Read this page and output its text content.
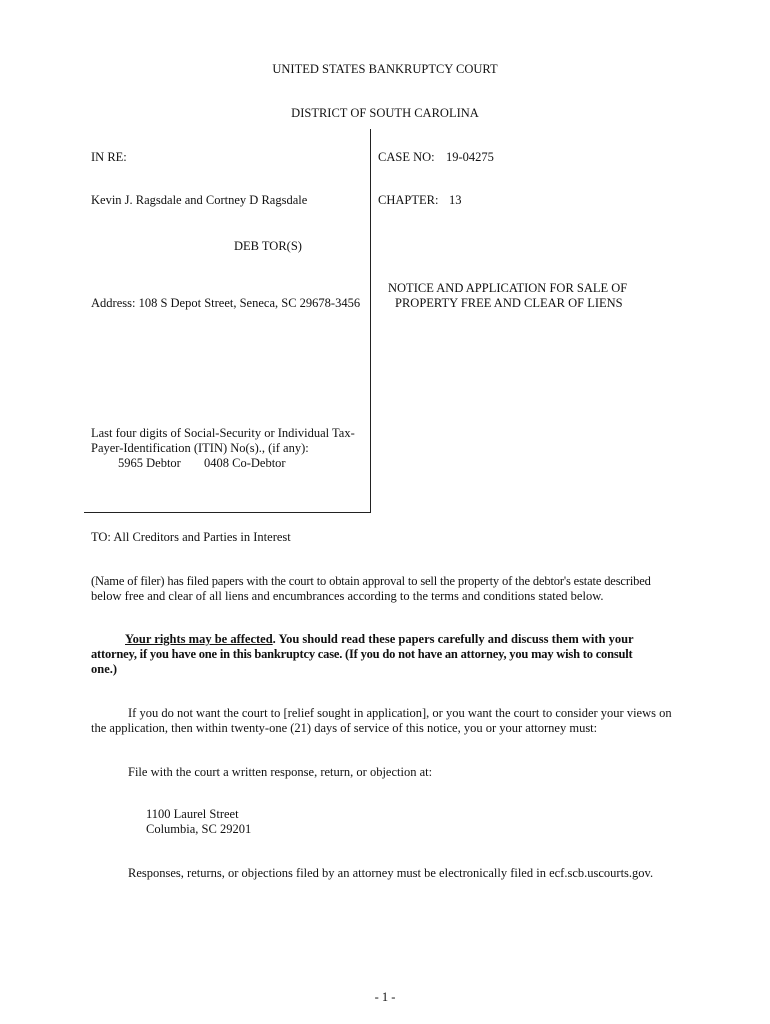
UNITED STATES BANKRUPTCY COURT
DISTRICT OF SOUTH CAROLINA
IN RE:
Kevin J. Ragsdale and Cortney D Ragsdale
DEB TOR(S)
Address: 108 S Depot Street, Seneca, SC 29678-3456
Last four digits of Social-Security or Individual Tax-
Payer-Identification (ITIN) No(s)., (if any):
5965 Debtor 0408 Co-Debtor
CASE NO: 19-04275
CHAPTER: 13
NOTICE AND APPLICATION FOR SALE OF
PROPERTY FREE AND CLEAR OF LIENS
TO: All Creditors and Parties in Interest
(Name of filer) has filed papers with the court to obtain approval to sell the property of the debtor's estate described
below free and clear of all liens and encumbrances according to the terms and conditions stated below.
Your rights may be affected. You should read these papers carefully and discuss them with your
attorney, if you have one in this bankruptcy case. (If you do not have an attorney, you may wish to consult
one.)
If you do not want the court to [relief sought in application], or you want the court to consider your views on
the application, then within twenty-one (21) days of service of this notice, you or your attorney must:
File with the court a written response, return, or objection at:
1100 Laurel Street
Columbia, SC 29201
Responses, returns, or objections filed by an attorney must be electronically filed in ecf.scb.uscourts.gov.
- 1 -
